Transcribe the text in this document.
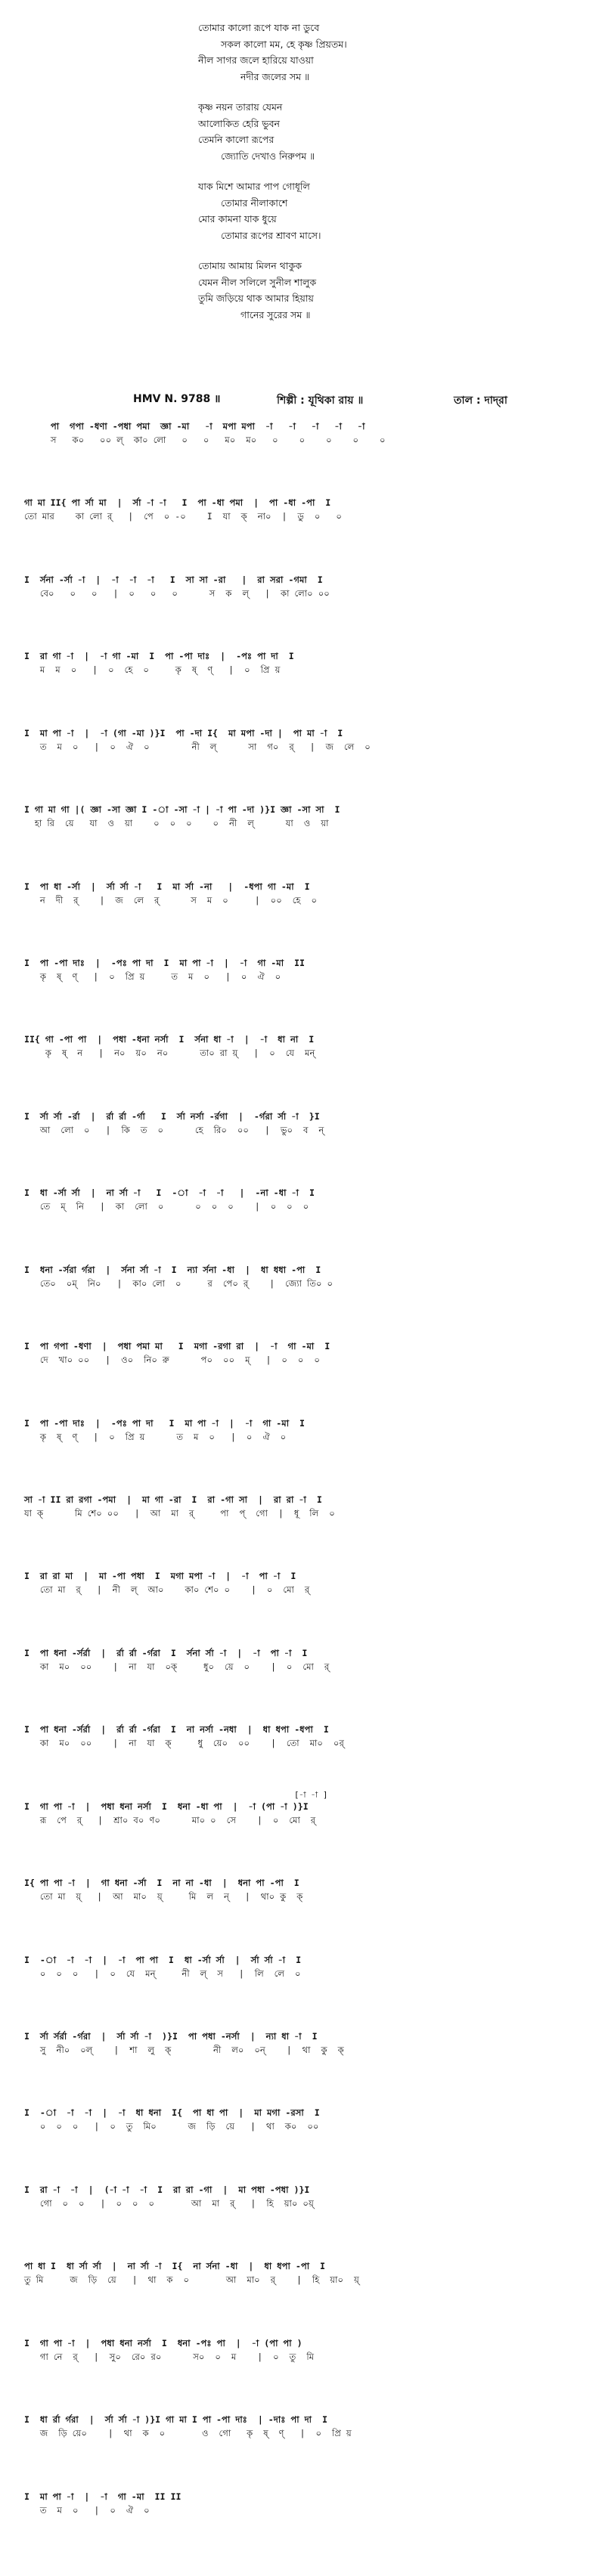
তোমার কালো রূপে যাক না ডুবে
সকল কালো মম, হে কৃষ্ণ প্রিয়তম।
নীল সাগর জলে হারিয়ে যাওয়া
নদীর জলের সম ॥
কৃষ্ণ নয়ন তারায় যেমন
আলোকিত হেরি ভুবন
তেমনি কালো রূপের
জ্যোতি দেখাও নিরুপম ॥
যাক মিশে আমার পাপ গোধূলি
তোমার নীলাকাশে
মোর কামনা যাক ধুয়ে
তোমার রূপের শ্রাবণ মাসে।
তোমায় আমায় মিলন থাকুক
যেমন নীল সলিলে সুনীল শালুক
তুমি জড়িয়ে থাক আমার হিয়ায়
গানের সুরের সম ॥
HMV N. 9788 ॥	শিল্পী : যূথিকা রায় ॥	তাল : দাদ্‌রা
পা  গপা -ধণা -পধা পমা  জ্ঞা -মা   -া  মপা মপা  -া   -া   -া   -া   -া
স   ক০   ০০ ল্  কা০ লো   ০   ০   ম০  ম০   ০    ০    ০    ০    ০
গা মা II{ পা র্সা মা  |  র্সা -া -া   I  পা -ধা পমা  |  পা -ধা -পা  I
তো মার    কা লো র্   |  পে  ০ -০    I  যা  ক্  না০  |  ডু  ০   ০
I  র্সনা -র্সা -া  |  -া  -া  -া   I  সা সা -রা   |  রা সরা -গমা  I
বে০   ০   ০   |  ০   ০   ০      স  ক  ল্   |  কা লো০ ০০
I  রা গা -া  |  -া গা -মা  I  পা -পা দাঃ  |  -পঃ পা দা  I
ম  ম  ০   |  ০  হে  ০     কৃ  ষ্  ণ্   |  ০  প্রি য়
I  মা পা -া  |  -া (গা -মা )}I  পা -দা I{  মা মপা -দা |  পা মা -া  I
ত  ম  ০   |  ০  ঐ  ০        নী  ল্      সা  গ০  র্   |  জ  লে  ০
I গা মা গা |( জ্ঞা -সা জ্ঞা I -া -সা -া | -া পা -দা )}I জ্ঞা -সা সা  I
হা রি  য়ে   যা  ও  য়া    ০  ০  ০    ০  নী  ল্      যা  ও  য়া
I  পা ধা -র্সা  |  র্সা র্সা -া   I  মা র্সা -না   |  -ধপা গা -মা  I
ন  দী  র্    |  জ  লে  র্      স  ম  ০     |  ০০  হে  ০
I  পা -পা দাঃ  |  -পঃ পা দা  I  মা পা -া  |  -া  গা -মা  II
কৃ  ষ্  ণ্   |  ০  প্রি য়     ত  ম  ০   |  ০  ঐ  ০
II{ গা -পা পা  |  পধা -ধনা নর্সা  I  র্সনা ধা -া  |  -া  ধা না  I
কৃ  ষ্  ন   |  ন০  য়০  ন০      তা০ রা য়্   |  ০  যে  মন্
I  র্সা র্সা -র্রা  |  র্রা র্রা -র্গা   I  র্সা নর্সা -র্রগা  |  -র্গরা র্সা -া  }I
আ  লো  ০   |  কি  ত  ০      হে  রি০  ০০   |  ভু০  ব  ন্
I  ধা -র্সা র্সা  |  না র্সা -া   I  -া  -া  -া   |  -না -ধা -া  I
তে  ম্  নি   |  কা  লো  ০      ০  ০  ০    |  ০  ০  ০
I  ধনা -র্সরা র্গরা  |  র্সনা র্সা -া  I  ন্যা র্সনা -ধা  |  ধা ধধা -পা  I
তে০  ০ম্  নি০   |  কা০ লো  ০     র  পে০ র্    |  জ্যো তি০ ০
I  পা গপা -ধণা  |  পধা পমা মা   I  মগা -রগা রা  |  -া  গা -মা  I
দে  খা০ ০০   |  ও০  নি০ রু      প০  ০০  ম্   |  ০  ০  ০
I  পা -পা দাঃ  |  -পঃ পা দা   I  মা পা -া  |  -া  গা -মা  I
কৃ  ষ্  ণ্   |  ০  প্রি য়      ত  ম  ০   |  ০  ঐ  ০
সা -া II রা রগা -পমা  |  মা গা -রা  I  রা -গা সা  |  রা রা -া  I
যা ক্      মি শে০ ০০   |  আ  মা  র্     পা  প্  গো  |  ধূ  লি  ০
I  রা রা মা  |  মা -পা পধা  I  মগা মপা -া  |  -া  পা -া  I
তো মা  র্   |  নী  ল্  আ০    কা০ শে০ ০    |  ০  মো  র্
I  পা ধনা -র্সর্রা  |  র্রা র্রা -র্গরা  I  র্সনা র্সা -া  |  -া  পা -া  I
কা  ম০  ০০    |  না  যা  ০ক্     ধু০  য়ে  ০    |  ০  মো  র্
I  পা ধনা -র্সর্রা  |  র্রা র্রা -র্গরা  I  না নর্সা -নধা  |  ধা ধপা -ধপা  I
কা  ম০  ০০    |  না  যা  ক্     ধু  য়ে০  ০০    |  তো  মা০  ০র্
[-া -া ]
I  গা পা -া  |  পধা ধনা নর্সা  I  ধনা -ধা পা  |  -া (পা -া )}I
রূ  পে  র্   |  শ্রা০ ব০ ণ০      মা০ ০  সে    |  ০  মো  র্
I{ পা পা -া  |  গা ধনা -র্সা  I  না না -ধা  |  ধনা পা -পা  I
তো মা  য়্   |  আ  মা০  য়্     মি  ল  ন্   |  থা০ কু  ক্
I  -া  -া  -া  |  -া  পা পা  I  ধা -র্সা র্সা  |  র্সা র্সা -া  I
০  ০  ০   |  ০  যে  মন্     নী  ল্  স   |  লি  লে  ০
I  র্সা র্সর্রা -র্গরা  |  র্সা র্সা -া  )}I  পা পধা -নর্সা  |  ন্যা ধা -া  I
সু  নী০  ০ল্    |  শা  লু  ক্        নী  ল০  ০ন্    |  থা  কু  ক্
I  -া  -া  -া  |  -া  ধা ধনা  I{  পা ধা পা  |  মা মগা -রসা  I
০  ০  ০   |  ০  তু  মি০      জ  ড়ি  য়ে   |  থা  ক০  ০০
I  রা -া  -া  |  (-া -া  -া  I  রা রা -গা  |  মা পধা -পধা )}I
গো  ০  ০   |  ০  ০  ০       আ  মা  র্   |  হি  য়া০ ০য়্
পা ধা I  ধা র্সা র্সা  |  না র্সা -া  I{  না র্সনা -ধা  |  ধা ধপা -পা  I
তু মি     জ  ড়ি  য়ে   |  থা  ক  ০       আ  মা০  র্    |  হি  য়া০  য়্
I  গা পা -া  |  পধা ধনা নর্সা  I  ধনা -পঃ পা  |  -া (পা পা )
গা নে  র্   |  সু০  রে০ র০      স০  ০  ম    |  ০  তু  মি
I  ধা র্রা র্গরা  |  র্সা র্সা -া )}I গা মা I পা -পা দাঃ  | -দাঃ পা দা  I
জ  ড়ি য়ে০    |  থা  ক  ০       ও  গো   কৃ  ষ্  ণ্   |  ০  প্রি য়
I  মা পা -া  |  -া  গা -মা  II II
ত  ম  ০   |  ০  ঐ  ০
